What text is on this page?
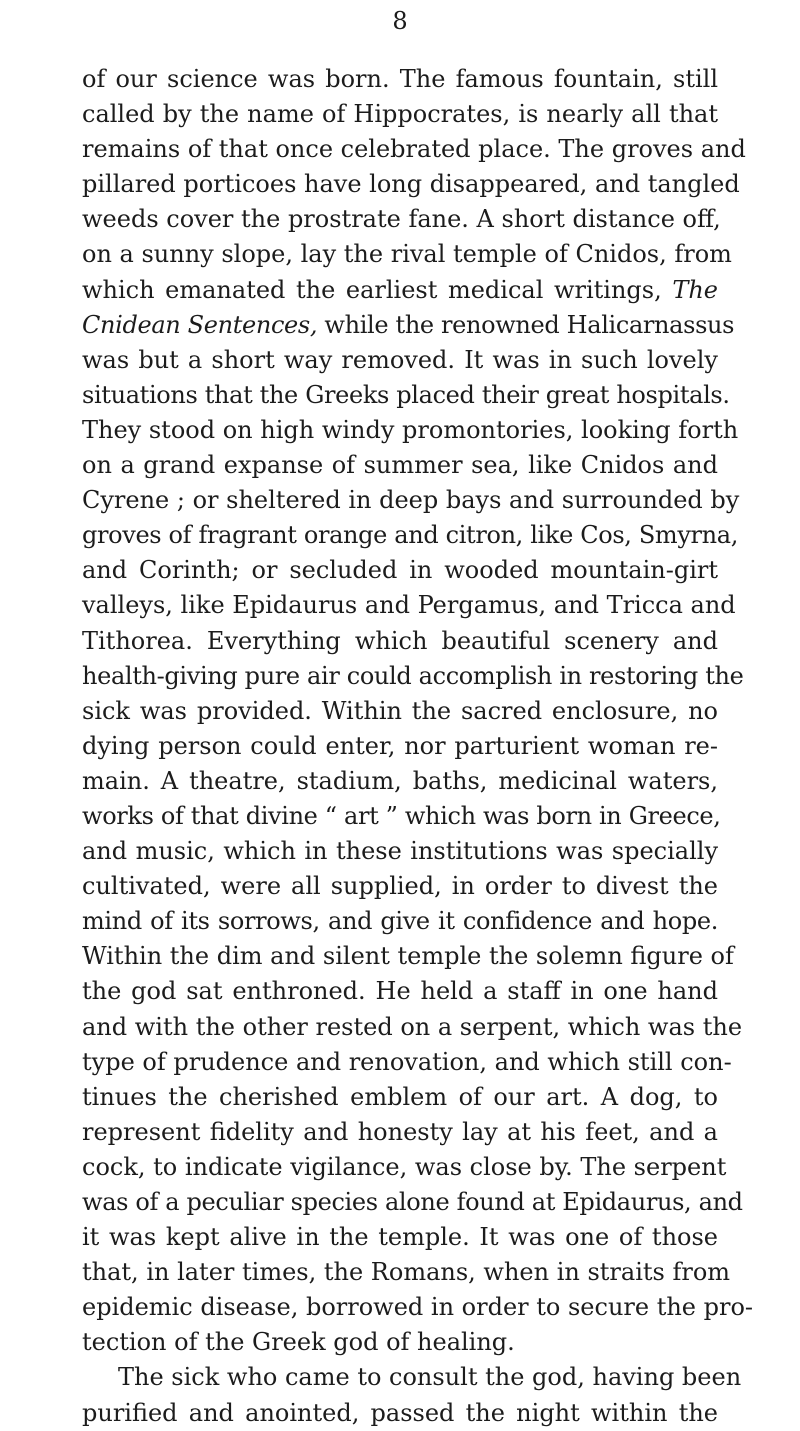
8
of our science was born. The famous fountain, still
called by the name of Hippocrates, is nearly all that
remains of that once celebrated place. The groves and
pillared porticoes have long disappeared, and tangled
weeds cover the prostrate fane. A short distance off,
on a sunny slope, lay the rival temple of Cnidos, from
which emanated the earliest medical writings, The
Cnidean Sentences, while the renowned Halicarnassus
was but a short way removed. It was in such lovely
situations that the Greeks placed their great hospitals.
They stood on high windy promontories, looking forth
on a grand expanse of summer sea, like Cnidos and
Cyrene ; or sheltered in deep bays and surrounded by
groves of fragrant orange and citron, like Cos, Smyrna,
and Corinth; or secluded in wooded mountain-girt
valleys, like Epidaurus and Pergamus, and Tricca and
Tithorea. Everything which beautiful scenery and
health-giving pure air could accomplish in restoring the
sick was provided. Within the sacred enclosure, no
dying person could enter, nor parturient woman re-
main. A theatre, stadium, baths, medicinal waters,
works of that divine “ art ” which was born in Greece,
and music, which in these institutions was specially
cultivated, were all supplied, in order to divest the
mind of its sorrows, and give it confidence and hope.
Within the dim and silent temple the solemn figure of
the god sat enthroned. He held a staff in one hand
and with the other rested on a serpent, which was the
type of prudence and renovation, and which still con-
tinues the cherished emblem of our art. A dog, to
represent fidelity and honesty lay at his feet, and a
cock, to indicate vigilance, was close by. The serpent
was of a peculiar species alone found at Epidaurus, and
it was kept alive in the temple. It was one of those
that, in later times, the Romans, when in straits from
epidemic disease, borrowed in order to secure the pro-
tection of the Greek god of healing.
The sick who came to consult the god, having been
purified and anointed, passed the night within the
